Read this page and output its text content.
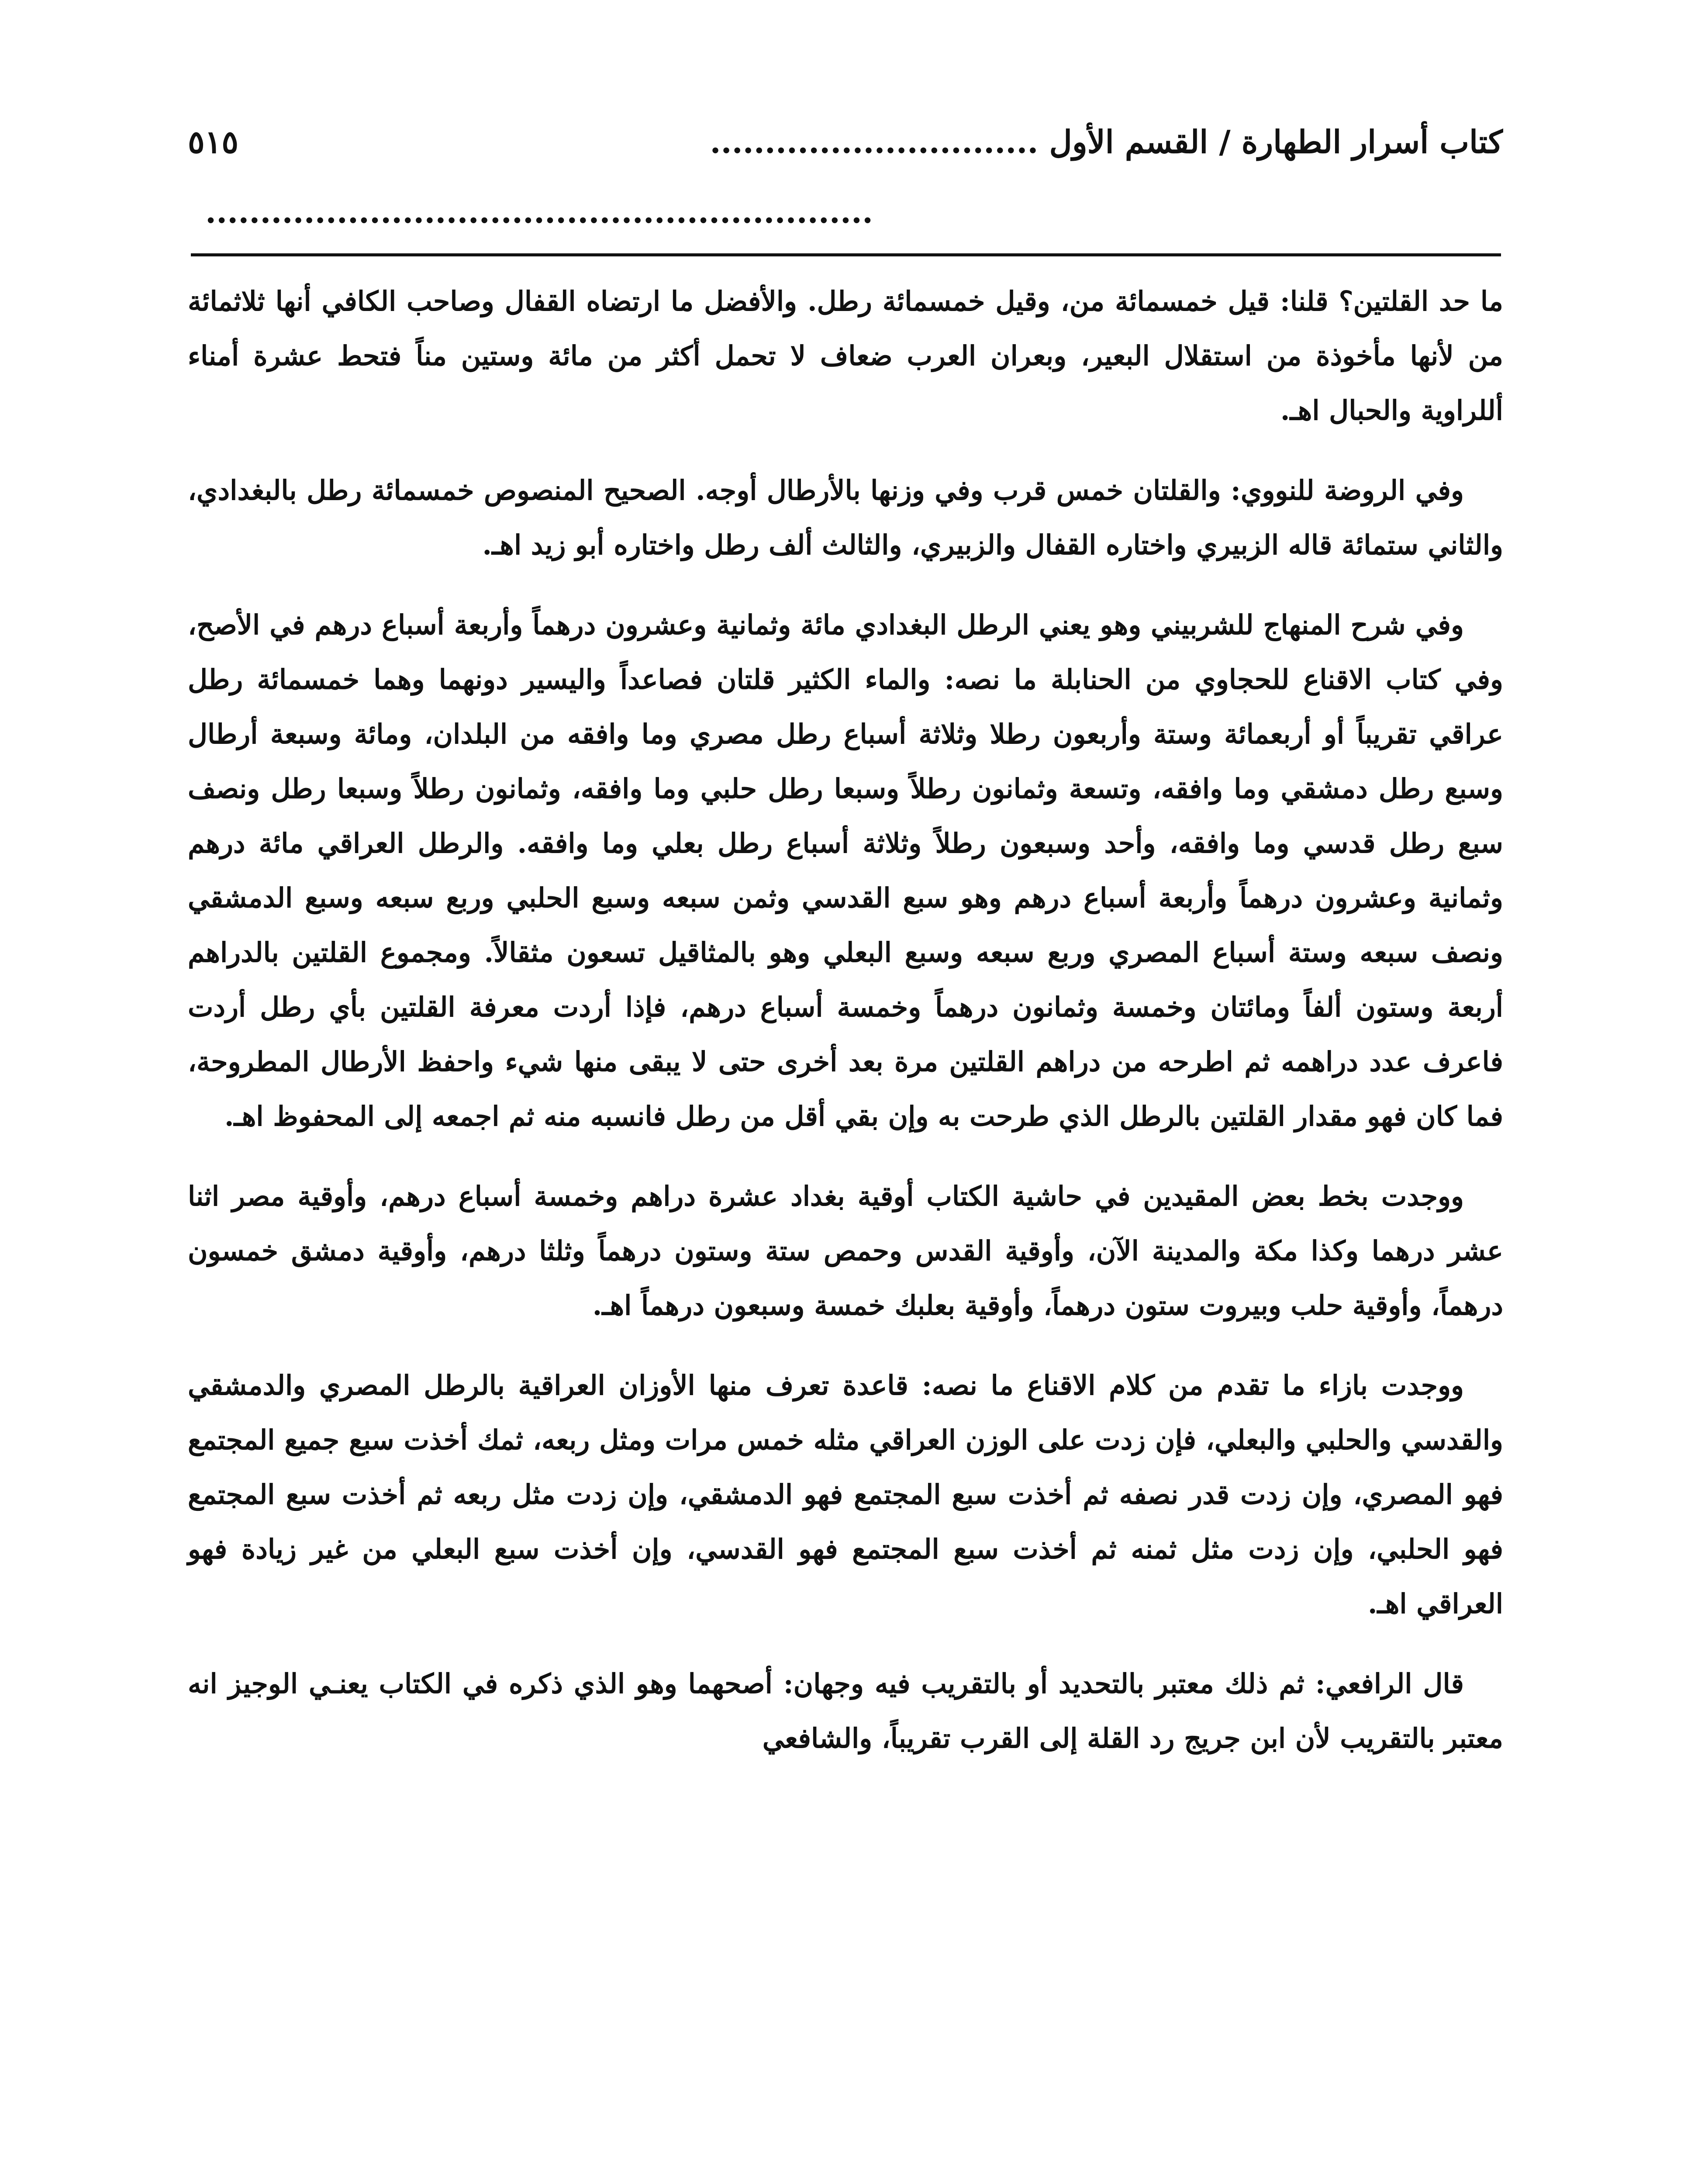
كتاب أسرار الطهارة / القسم الأول ..............................
٥١٥
.............................................................

ما حد القلتين؟ قلنا: قيل خمسمائة من، وقيل خمسمائة رطل. والأفضل ما ارتضاه القفال وصاحب الكافي أنها ثلاثمائة من لأنها مأخوذة من استقلال البعير، وبعران العرب ضعاف لا تحمل أكثر من مائة وستين مناً فتحط عشرة أمناء أللراوية والحبال اهـ.

وفي الروضة للنووي: والقلتان خمس قرب وفي وزنها بالأرطال أوجه. الصحيح المنصوص خمسمائة رطل بالبغدادي، والثاني ستمائة قاله الزبيري واختاره القفال والزبيري، والثالث ألف رطل واختاره أبو زيد اهـ.

وفي شرح المنهاج للشربيني وهو يعني الرطل البغدادي مائة وثمانية وعشرون درهماً وأربعة أسباع درهم في الأصح، وفي كتاب الاقناع للحجاوي من الحنابلة ما نصه: والماء الكثير قلتان فصاعداً واليسير دونهما وهما خمسمائة رطل عراقي تقريباً أو أربعمائة وستة وأربعون رطلا وثلاثة أسباع رطل مصري وما وافقه من البلدان، ومائة وسبعة أرطال وسبع رطل دمشقي وما وافقه، وتسعة وثمانون رطلاً وسبعا رطل حلبي وما وافقه، وثمانون رطلاً وسبعا رطل ونصف سبع رطل قدسي وما وافقه، وأحد وسبعون رطلاً وثلاثة أسباع رطل بعلي وما وافقه. والرطل العراقي مائة درهم وثمانية وعشرون درهماً وأربعة أسباع درهم وهو سبع القدسي وثمن سبعه وسبع الحلبي وربع سبعه وسبع الدمشقي ونصف سبعه وستة أسباع المصري وربع سبعه وسبع البعلي وهو بالمثاقيل تسعون مثقالاً. ومجموع القلتين بالدراهم أربعة وستون ألفاً ومائتان وخمسة وثمانون درهماً وخمسة أسباع درهم، فإذا أردت معرفة القلتين بأي رطل أردت فاعرف عدد دراهمه ثم اطرحه من دراهم القلتين مرة بعد أخرى حتى لا يبقى منها شيء واحفظ الأرطال المطروحة، فما كان فهو مقدار القلتين بالرطل الذي طرحت به وإن بقي أقل من رطل فانسبه منه ثم اجمعه إلى المحفوظ اهـ.

ووجدت بخط بعض المقيدين في حاشية الكتاب أوقية بغداد عشرة دراهم وخمسة أسباع درهم، وأوقية مصر اثنا عشر درهما وكذا مكة والمدينة الآن، وأوقية القدس وحمص ستة وستون درهماً وثلثا درهم، وأوقية دمشق خمسون درهماً، وأوقية حلب وبيروت ستون درهماً، وأوقية بعلبك خمسة وسبعون درهماً اهـ.

ووجدت بازاء ما تقدم من كلام الاقناع ما نصه: قاعدة تعرف منها الأوزان العراقية بالرطل المصري والدمشقي والقدسي والحلبي والبعلي، فإن زدت على الوزن العراقي مثله خمس مرات ومثل ربعه، ثمك أخذت سبع جميع المجتمع فهو المصري، وإن زدت قدر نصفه ثم أخذت سبع المجتمع فهو الدمشقي، وإن زدت مثل ربعه ثم أخذت سبع المجتمع فهو الحلبي، وإن زدت مثل ثمنه ثم أخذت سبع المجتمع فهو القدسي، وإن أخذت سبع البعلي من غير زيادة فهو العراقي اهـ.

قال الرافعي: ثم ذلك معتبر بالتحديد أو بالتقريب فيه وجهان: أصحهما وهو الذي ذكره في الكتاب يعنـي الوجيز انه معتبر بالتقريب لأن ابن جريج رد القلة إلى القرب تقريباً، والشافعي
